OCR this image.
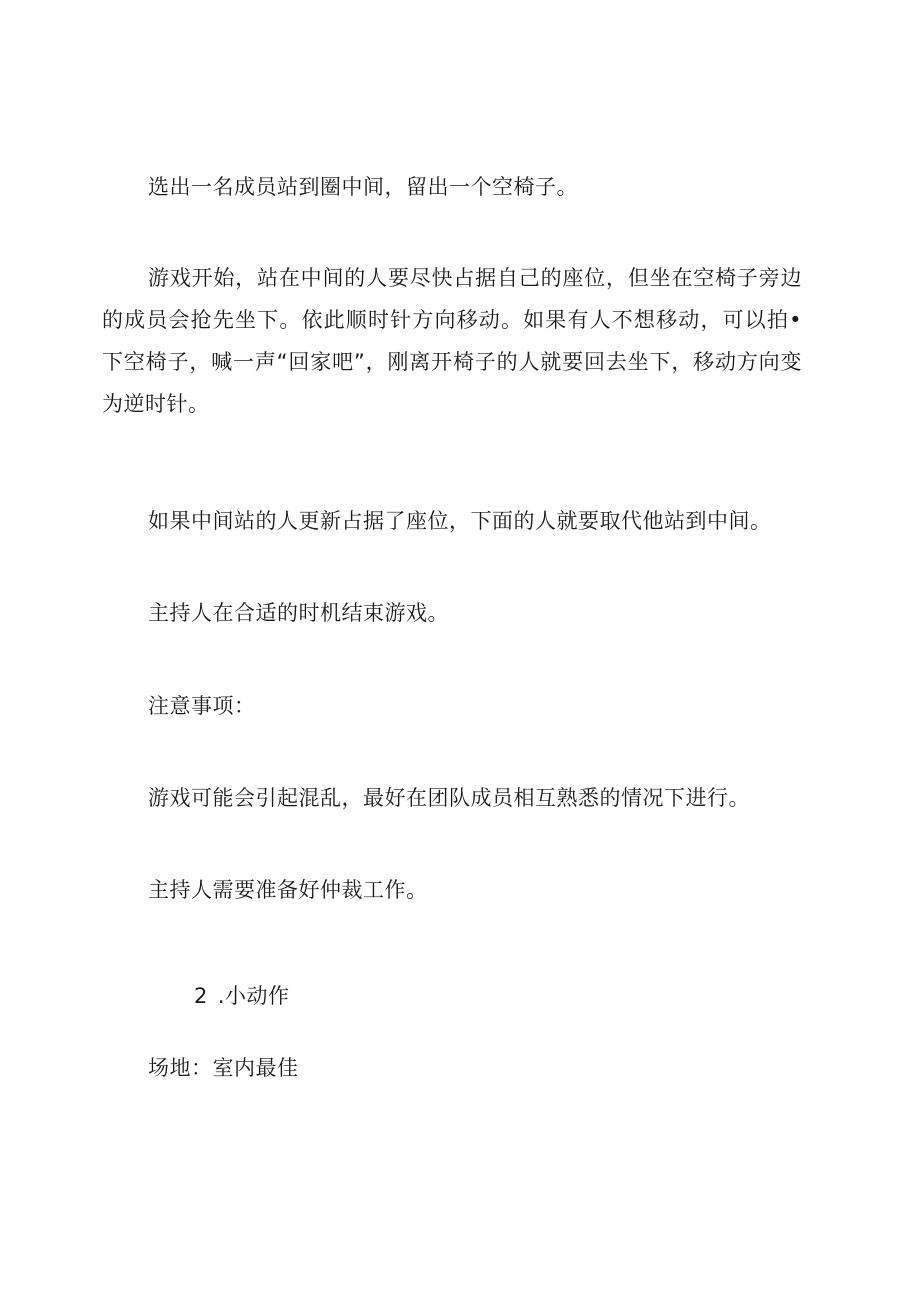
选出一名成员站到圈中间，留出一个空椅子。

游戏开始，站在中间的人要尽快占据自己的座位，但坐在空椅子旁边的成员会抢先坐下。依此顺时针方向移动。如果有人不想移动，可以拍•下空椅子，喊一声“回家吧”，刚离开椅子的人就要回去坐下，移动方向变为逆时针。

如果中间站的人更新占据了座位，下面的人就要取代他站到中间。

主持人在合适的时机结束游戏。

注意事项：

游戏可能会引起混乱，最好在团队成员相互熟悉的情况下进行。

主持人需要准备好仲裁工作。

2 .小动作

场地：室内最佳
